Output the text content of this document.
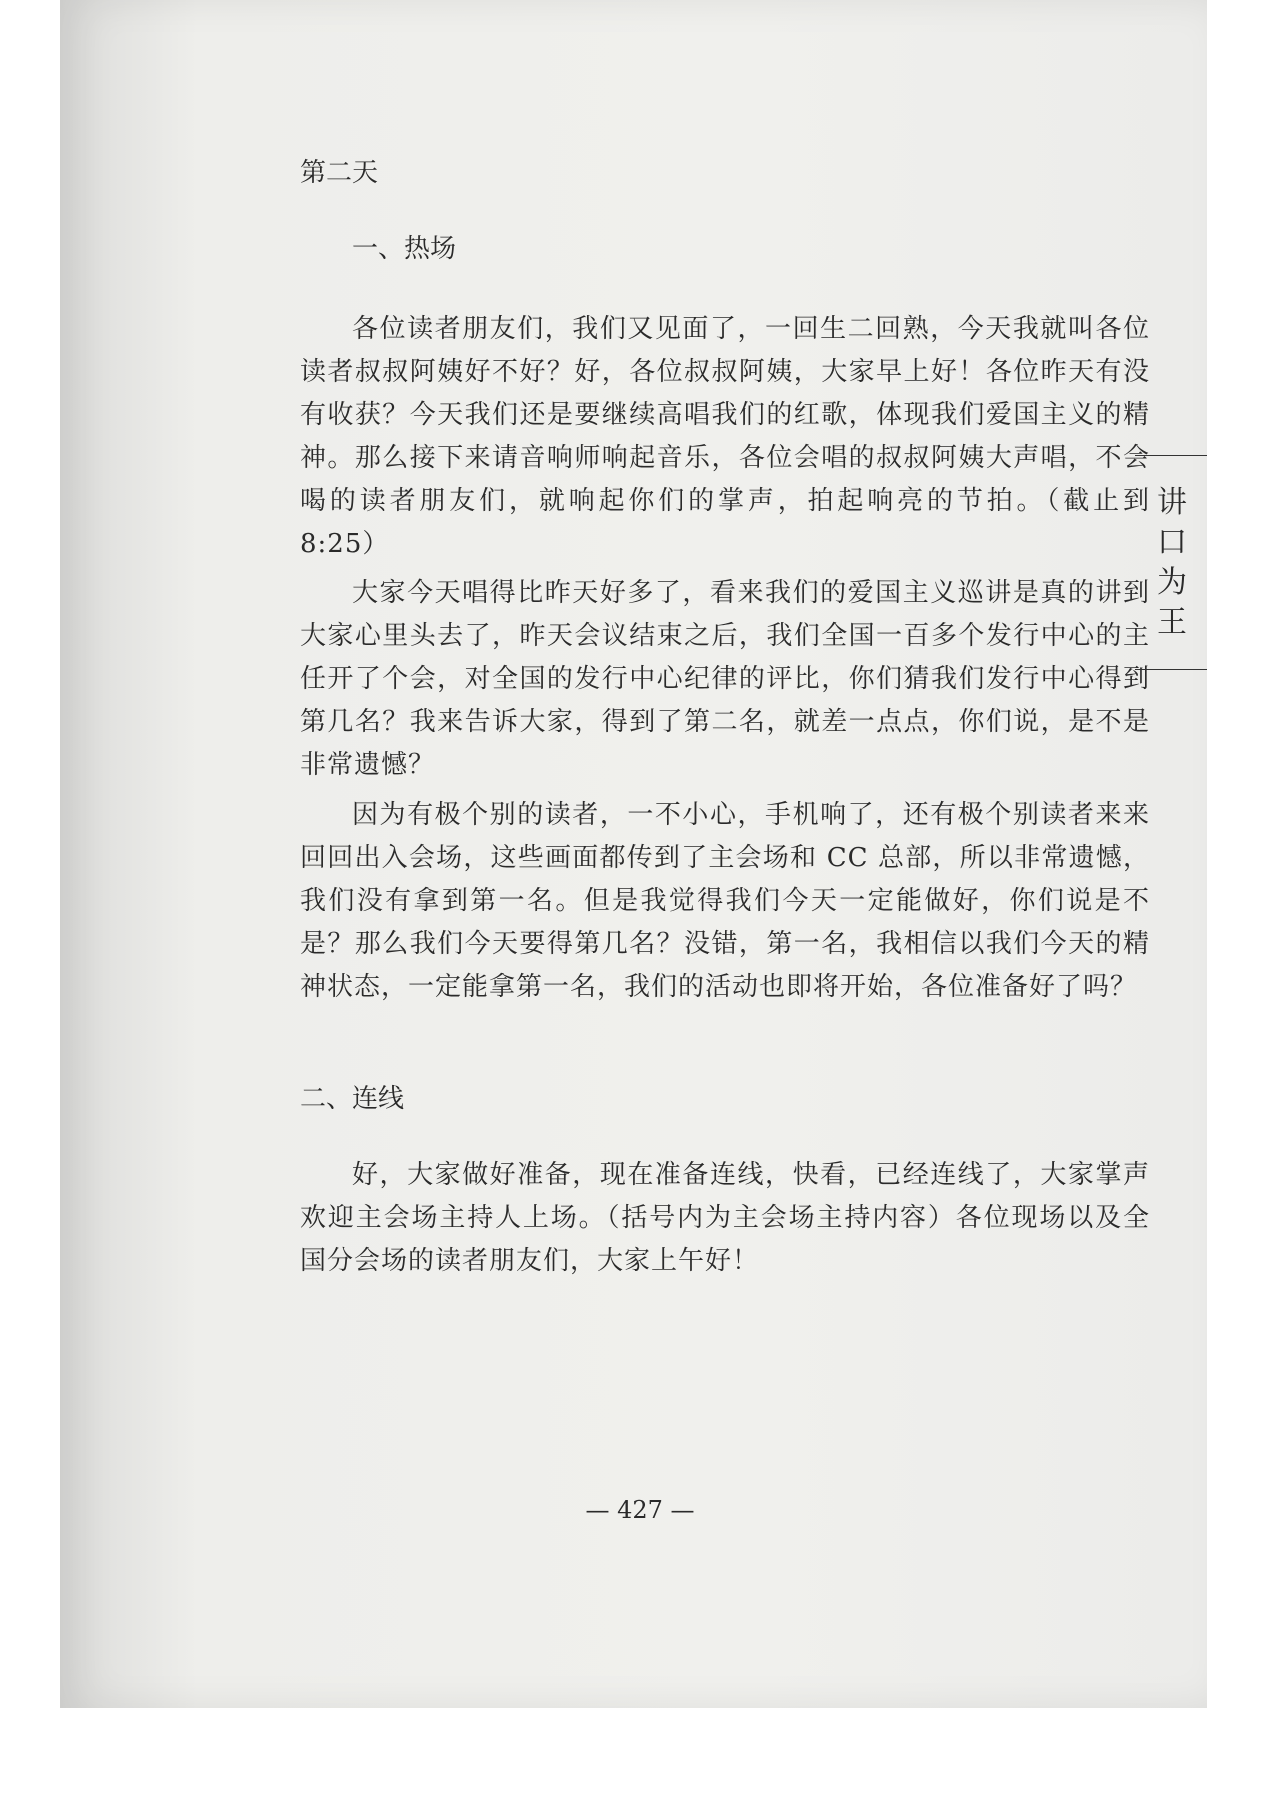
第二天
一、热场

各位读者朋友们，我们又见面了，一回生二回熟，今天我就叫各位读者叔叔阿姨好不好？好，各位叔叔阿姨，大家早上好！各位昨天有没有收获？今天我们还是要继续高唱我们的红歌，体现我们爱国主义的精神。那么接下来请音响师响起音乐，各位会唱的叔叔阿姨大声唱，不会喝的读者朋友们，就响起你们的掌声，拍起响亮的节拍。（截止到 8:25）

大家今天唱得比昨天好多了，看来我们的爱国主义巡讲是真的讲到大家心里头去了，昨天会议结束之后，我们全国一百多个发行中心的主任开了个会，对全国的发行中心纪律的评比，你们猜我们发行中心得到第几名？我来告诉大家，得到了第二名，就差一点点，你们说，是不是非常遗憾？

因为有极个别的读者，一不小心，手机响了，还有极个别读者来来回回出入会场，这些画面都传到了主会场和 CC 总部，所以非常遗憾，我们没有拿到第一名。但是我觉得我们今天一定能做好，你们说是不是？那么我们今天要得第几名？没错，第一名，我相信以我们今天的精神状态，一定能拿第一名，我们的活动也即将开始，各位准备好了吗？

二、连线

好，大家做好准备，现在准备连线，快看，已经连线了，大家掌声欢迎主会场主持人上场。（括号内为主会场主持内容）各位现场以及全国分会场的读者朋友们，大家上午好！

— 427 —
讲口为王
